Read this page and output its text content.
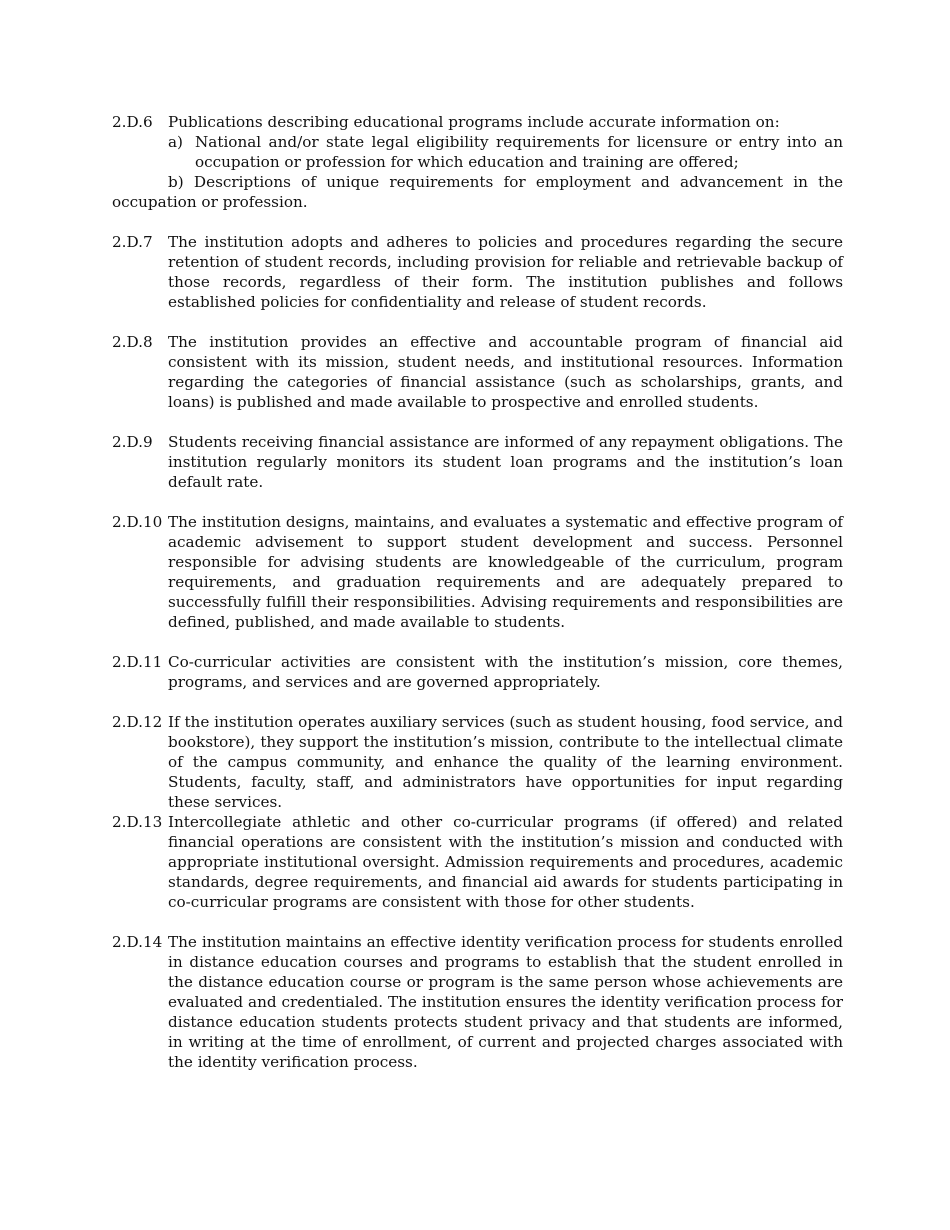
2.D.6	Publications describing educational programs include accurate information on:
a) National and/or state legal eligibility requirements for licensure or entry into an occupation or profession for which education and training are offered;
b) Descriptions of unique requirements for employment and advancement in the occupation or profession.
2.D.7	The institution adopts and adheres to policies and procedures regarding the secure retention of student records, including provision for reliable and retrievable backup of those records, regardless of their form. The institution publishes and follows established policies for confidentiality and release of student records.
2.D.8	The institution provides an effective and accountable program of financial aid consistent with its mission, student needs, and institutional resources. Information regarding the categories of financial assistance (such as scholarships, grants, and loans) is published and made available to prospective and enrolled students.
2.D.9	Students receiving financial assistance are informed of any repayment obligations. The institution regularly monitors its student loan programs and the institution’s loan default rate.
2.D.10 The institution designs, maintains, and evaluates a systematic and effective program of academic advisement to support student development and success. Personnel responsible for advising students are knowledgeable of the curriculum, program requirements, and graduation requirements and are adequately prepared to successfully fulfill their responsibilities. Advising requirements and responsibilities are defined, published, and made available to students.
2.D.11 Co-curricular activities are consistent with the institution’s mission, core themes, programs, and services and are governed appropriately.
2.D.12 If the institution operates auxiliary services (such as student housing, food service, and bookstore), they support the institution’s mission, contribute to the intellectual climate of the campus community, and enhance the quality of the learning environment. Students, faculty, staff, and administrators have opportunities for input regarding these services.
2.D.13 Intercollegiate athletic and other co-curricular programs (if offered) and related financial operations are consistent with the institution’s mission and conducted with appropriate institutional oversight. Admission requirements and procedures, academic standards, degree requirements, and financial aid awards for students participating in co-curricular programs are consistent with those for other students.
2.D.14 The institution maintains an effective identity verification process for students enrolled in distance education courses and programs to establish that the student enrolled in the distance education course or program is the same person whose achievements are evaluated and credentialed. The institution ensures the identity verification process for distance education students protects student privacy and that students are informed, in writing at the time of enrollment, of current and projected charges associated with the identity verification process.
